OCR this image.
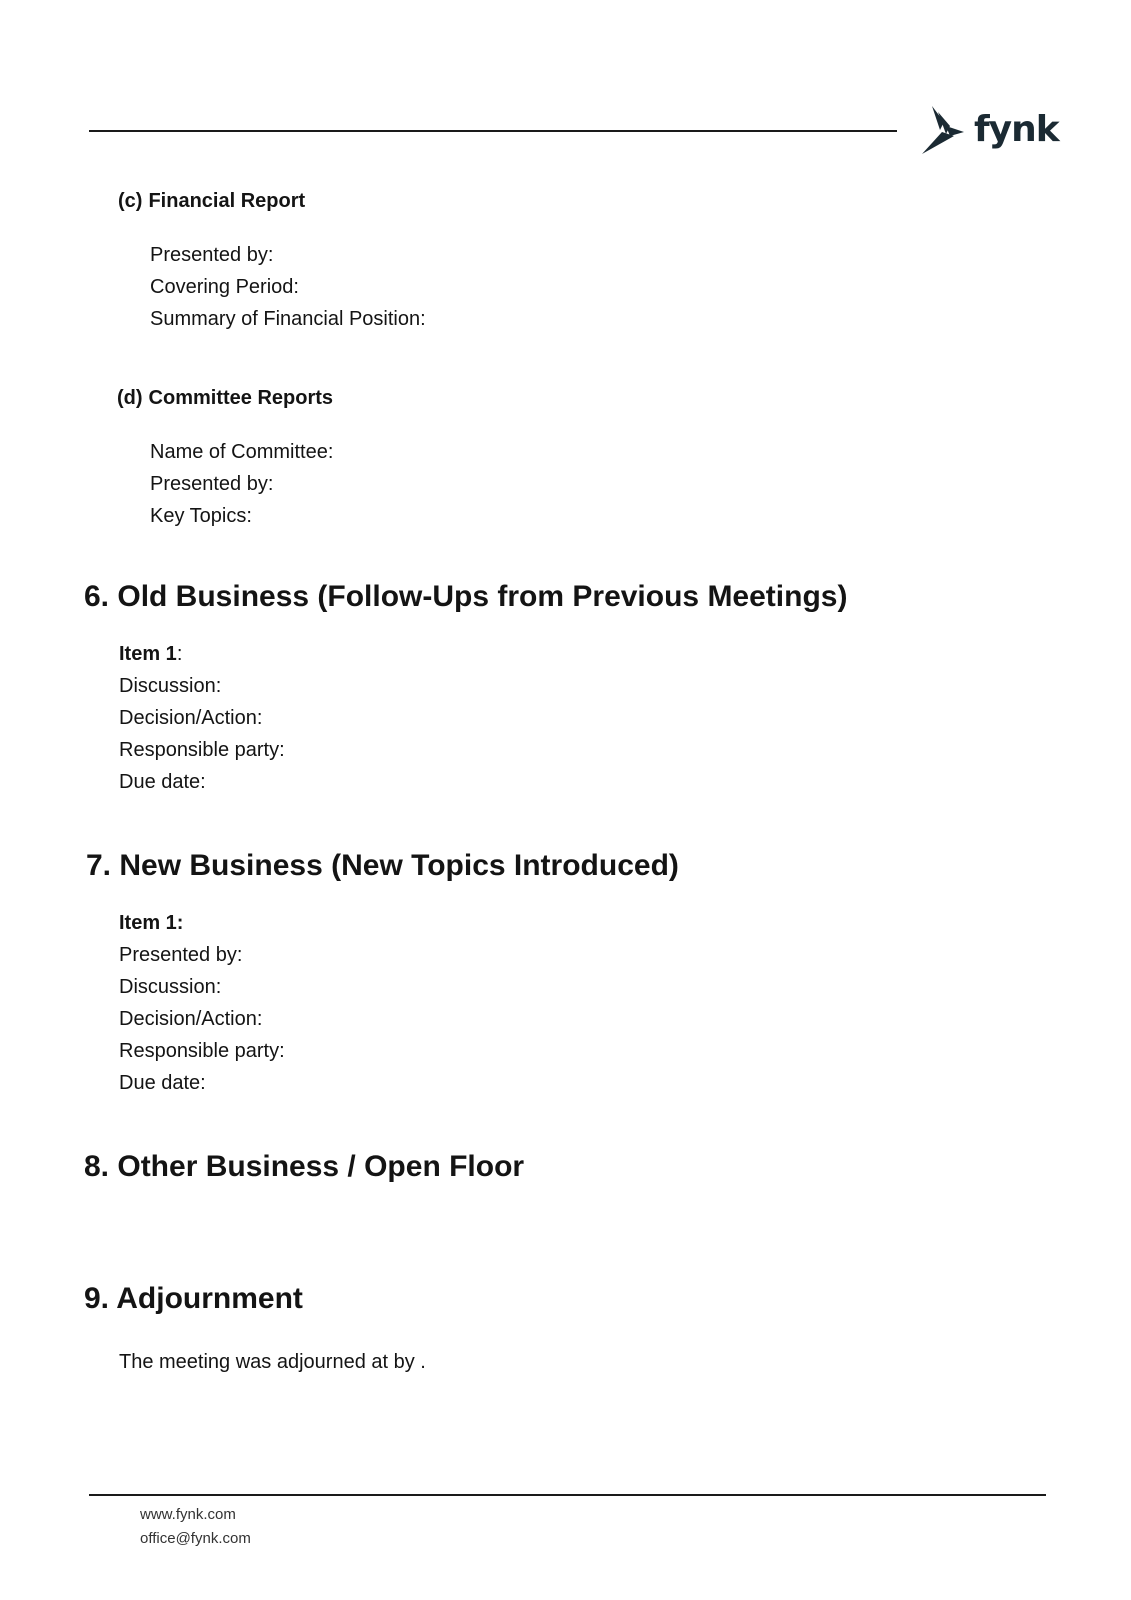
fynk
(c) Financial Report
Presented by:
Covering Period:
Summary of Financial Position:
(d) Committee Reports
Name of Committee:
Presented by:
Key Topics:
6. Old Business (Follow-Ups from Previous Meetings)
Item 1:
Discussion:
Decision/Action:
Responsible party:
Due date:
7. New Business (New Topics Introduced)
Item 1:
Presented by:
Discussion:
Decision/Action:
Responsible party:
Due date:
8. Other Business / Open Floor
9. Adjournment
The meeting was adjourned at by .
www.fynk.com
office@fynk.com
